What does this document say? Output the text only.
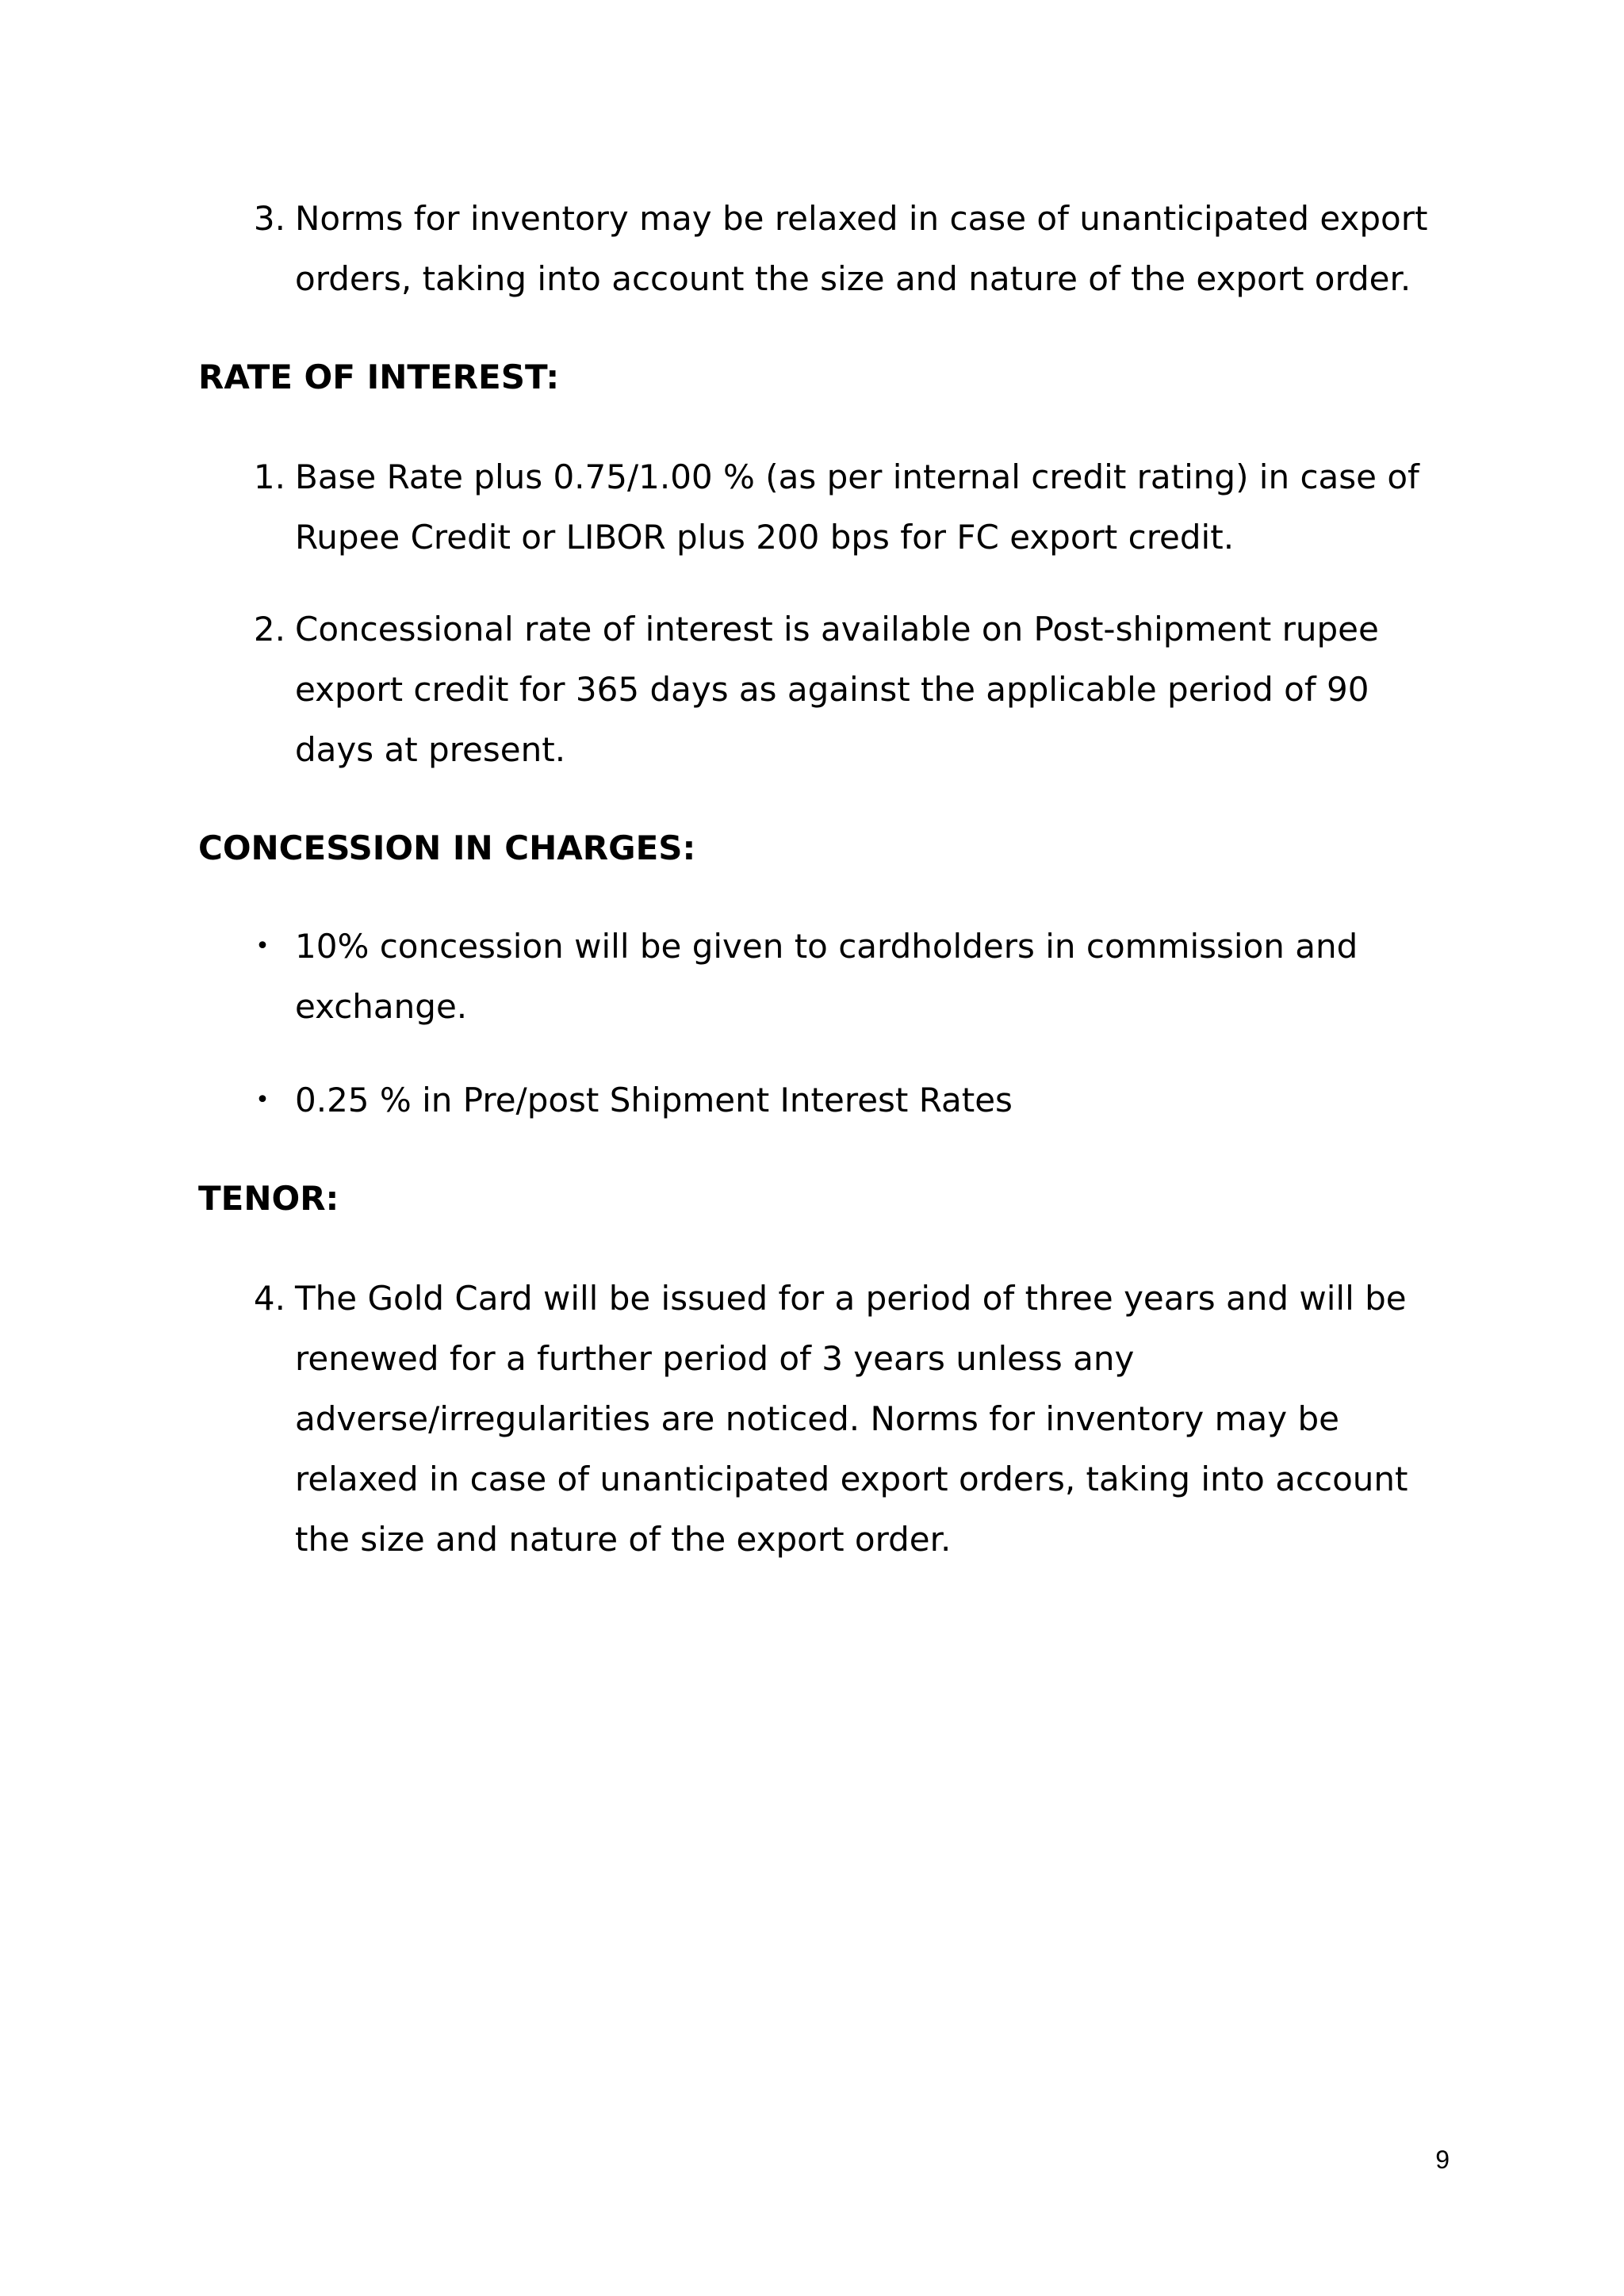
3. Norms for inventory may be relaxed in case of unanticipated export
orders, taking into account the size and nature of the export order.
RATE OF INTEREST:
1. Base Rate plus 0.75/1.00 % (as per internal credit rating) in case of
Rupee Credit or LIBOR plus 200 bps for FC export credit.
2. Concessional rate of interest is available on Post-shipment rupee
export credit for 365 days as against the applicable period of 90
days at present.
CONCESSION IN CHARGES:
• 10% concession will be given to cardholders in commission and
exchange.
• 0.25 % in Pre/post Shipment Interest Rates
TENOR:
4. The Gold Card will be issued for a period of three years and will be
renewed for a further period of 3 years unless any
adverse/irregularities are noticed. Norms for inventory may be
relaxed in case of unanticipated export orders, taking into account
the size and nature of the export order.
9
